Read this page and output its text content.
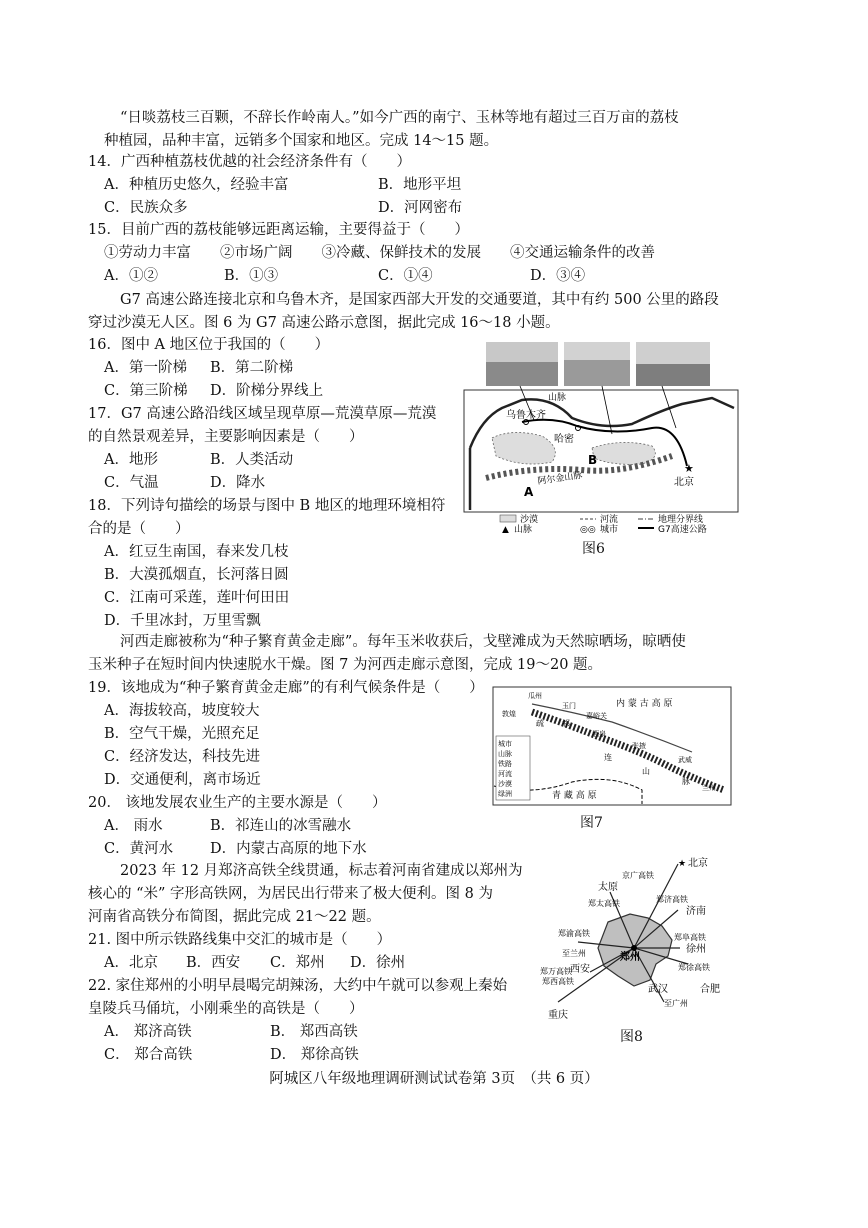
“日啖荔枝三百颗，不辞长作岭南人。”如今广西的南宁、玉林等地有超过三百万亩的荔枝
种植园，品种丰富，远销多个国家和地区。完成 14～15 题。
14．广西种植荔枝优越的社会经济条件有（　　）
A．种植历史悠久，经验丰富	B．地形平坦
C．民族众多	D．河网密布
15．目前广西的荔枝能够远距离运输，主要得益于（　　）
①劳动力丰富　　②市场广阔　　③冷藏、保鲜技术的发展　　④交通运输条件的改善
A．①②	B．①③	C．①④	D．③④
G7 高速公路连接北京和乌鲁木齐，是国家西部大开发的交通要道，其中有约 500 公里的路段
穿过沙漠无人区。图 6 为 G7 高速公路示意图，据此完成 16～18 小题。
16．图中 A 地区位于我国的（　　）
A．第一阶梯 B．第二阶梯
C．第三阶梯 D．阶梯分界线上
17．G7 高速公路沿线区域呈现草原—荒漠草原—荒漠
的自然景观差异，主要影响因素是（　　）
A．地形	B．人类活动
C．气温	D．降水
18．下列诗句描绘的场景与图中 B 地区的地理环境相符
合的是（　　）
A．红豆生南国，春来发几枝
B．大漠孤烟直，长河落日圆
C．江南可采莲，莲叶何田田
D．千里冰封，万里雪飘
★
乌鲁木齐
哈密
北京
B
A
阿尔金山脉
山脉
沙漠	河流	地理分界线
▲ 山脉	◎◎ 城市	G7高速公路
图6
河西走廊被称为“种子繁育黄金走廊”。每年玉米收获后，戈壁滩成为天然晾晒场，晾晒使
玉米种子在短时间内快速脱水干燥。图 7 为河西走廊示意图，完成 19～20 题。
19．该地成为“种子繁育黄金走廊”的有利气候条件是（　　）
A．海拔较高，坡度较大
B．空气干燥，光照充足
C．经济发达，科技先进
D．交通便利，离市场近
20． 该地发展农业生产的主要水源是（　　）
A． 雨水	B．祁连山的冰雪融水
C．黄河水	D．内蒙古高原的地下水
城市
山脉
铁路
河流
沙漠
绿洲
内 蒙 古 高 原
青 藏 高 原
瓜州
敦煌
玉门
嘉峪关
酒泉
张掖
武威
兰州
疏 祁
连
山
脉
图7
2023 年 12 月郑济高铁全线贯通，标志着河南省建成以郑州为
核心的 “米” 字形高铁网，为居民出行带来了极大便利。图 8 为
河南省高铁分布简图，据此完成 21～22 题。
21. 图中所示铁路线集中交汇的城市是（　　）
A．北京 B．西安 C．郑州 D．徐州
22. 家住郑州的小明早晨喝完胡辣汤，大约中午就可以参观上秦始
皇陵兵马俑坑，小刚乘坐的高铁是（　　）
A． 郑济高铁	B． 郑西高铁
C． 郑合高铁	D． 郑徐高铁
★ 北京
太原
济南
西安
郑州
徐州
合肥
武汉
重庆
京广高铁
郑太高铁	郑济高铁
郑渝高铁
至兰州
郑西高铁
郑万高铁
郑阜高铁
郑徐高铁
至广州
图8
阿城区八年级地理调研测试试卷第 3页　（共 6 页）
